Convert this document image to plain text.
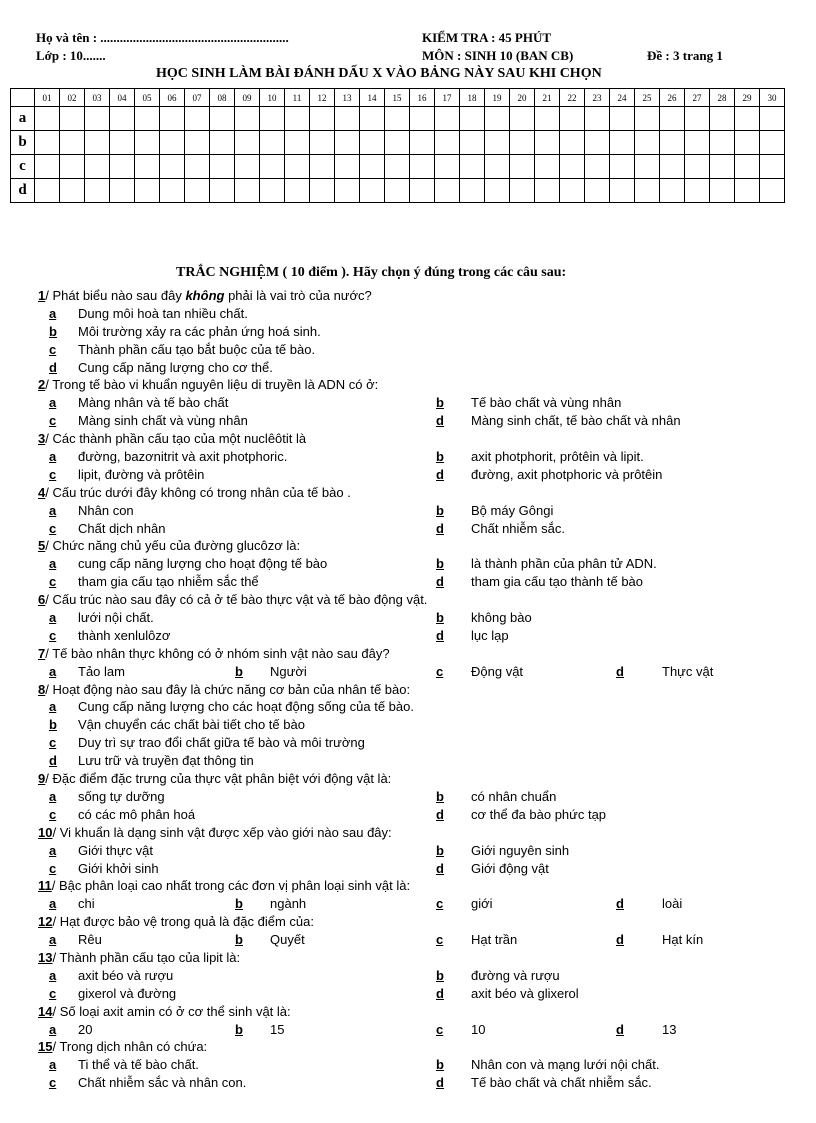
Họ và tên : ..........................................................
Lớp : 10.......
KIỂM TRA : 45 PHÚT
MÔN : SINH 10 (BAN CB)	Đề : 3 trang 1
HỌC SINH LÀM BÀI ĐÁNH DẤU X VÀO BẢNG NÀY SAU KHI CHỌN
	01	02	03	04	05	06	07	08	09	10	11	12	13	14	15	16	17	18	19	20	21	22	23	24	25	26	27	28	29	30
a																														
b																														
c																														
d																														
TRẮC NGHIỆM ( 10 điểm ). Hãy chọn ý đúng trong các câu sau:
1/ Phát biểu nào sau đây không phải là vai trò của nước?
a Dung môi hoà tan nhiều chất.
b Môi trường xảy ra các phản ứng hoá sinh.
c Thành phần cấu tạo bắt buộc của tế bào.
d Cung cấp năng lượng cho cơ thể.
2/ Trong tế bào vi khuẩn nguyên liệu di truyền là ADN có ở:
a Màng nhân và tế bào chất	b Tế bào chất và vùng nhân
c Màng sinh chất và vùng nhân	d Màng sinh chất, tế bào chất và nhân
3/ Các thành phần cấu tạo của một nuclêôtit là
a đường, bazơnitrit và axit photphoric.	b axit photphorit, prôtêin và lipit.
c lipit, đường và prôtêin	d đường, axit photphoric và prôtêin
4/ Cấu trúc dưới đây không có trong nhân của tế bào .
a Nhân con	b Bộ máy Gôngi
c Chất dịch nhân	d Chất nhiễm sắc.
5/ Chức năng chủ yếu của đường glucôzơ là:
a cung cấp năng lượng cho hoạt động tế bào	b là thành phần của phân tử ADN.
c tham gia cấu tạo nhiễm sắc thể	d tham gia cấu tạo thành tế bào
6/ Cấu trúc nào sau đây có cả ở tế bào thực vật và tế bào động vật.
a lưới nội chất.	b không bào
c thành xenlulôzơ	d lục lạp
7/ Tế bào nhân thực không có ở nhóm sinh vật nào sau đây?
a Tảo lam	b Người	c Động vật	d	Thực vật
8/ Hoạt động nào sau đây là chức năng cơ bản của nhân tế bào:
a Cung cấp năng lượng cho các hoạt động sống của tế bào.
b Vận chuyển các chất bài tiết cho tế bào
c Duy trì sự trao đổi chất giữa tế bào và môi trường
d Lưu trữ và truyền đạt thông tin
9/ Đặc điểm đặc trưng của thực vật phân biệt với động vật là:
a sống tự dưỡng	b có nhân chuẩn
c có các mô phân hoá	d cơ thể đa bào phức tạp
10/ Vi khuẩn là dạng sinh vật được xếp vào giới nào sau đây:
a Giới thực vật	b Giới nguyên sinh
c Giới khởi sinh	d Giới động vật
11/ Bậc phân loại cao nhất trong các đơn vị phân loại sinh vật là:
a chi	b ngành	c giới	d	loài
12/ Hạt được bảo vệ trong quả là đặc điểm của:
a Rêu	b Quyết	c Hạt trần	d	Hạt kín
13/ Thành phần cấu tạo của lipit là:
a axit béo và rượu	b đường và rượu
c gixerol và đường	d axit béo và glixerol
14/ Số loại axit amin có ở cơ thể sinh vật là:
a 20	b 15	c 10	d	13
15/ Trong dịch nhân có chứa:
a Ti thể và tế bào chất.	b Nhân con và mạng lưới nội chất.
c Chất nhiễm sắc và nhân con.	d Tế bào chất và chất nhiễm sắc.
